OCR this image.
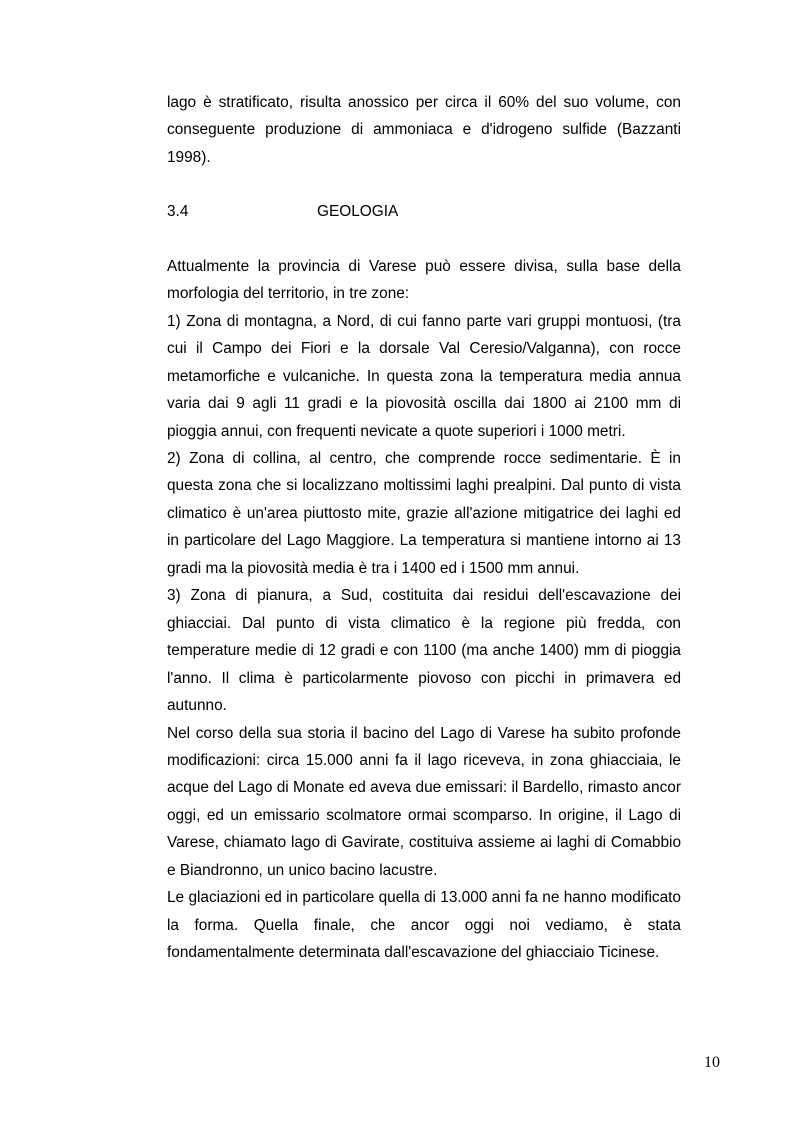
lago è stratificato, risulta anossico per circa il 60% del suo volume, con conseguente produzione di ammoniaca e d'idrogeno sulfide (Bazzanti 1998).

3.4	GEOLOGIA

Attualmente la provincia di Varese può essere divisa, sulla base della morfologia del territorio, in tre zone:

1) Zona di montagna, a Nord, di cui fanno parte vari gruppi montuosi, (tra cui il Campo dei Fiori e la dorsale Val Ceresio/Valganna), con rocce metamorfiche e vulcaniche. In questa zona la temperatura media annua varia dai 9 agli 11 gradi e la piovosità oscilla dai 1800 ai 2100 mm di pioggia annui, con frequenti nevicate a quote superiori i 1000 metri.

2) Zona di collina, al centro, che comprende rocce sedimentarie. È in questa zona che si localizzano moltissimi laghi prealpini. Dal punto di vista climatico è un'area piuttosto mite, grazie all'azione mitigatrice dei laghi ed in particolare del Lago Maggiore. La temperatura si mantiene intorno ai 13 gradi ma la piovosità media è tra i 1400 ed i 1500 mm annui.

3) Zona di pianura, a Sud, costituita dai residui dell'escavazione dei ghiacciai. Dal punto di vista climatico è la regione più fredda, con temperature medie di 12 gradi e con 1100 (ma anche 1400) mm di pioggia l'anno. Il clima è particolarmente piovoso con picchi in primavera ed autunno.

Nel corso della sua storia il bacino del Lago di Varese ha subito profonde modificazioni: circa 15.000 anni fa il lago riceveva, in zona ghiacciaia, le acque del Lago di Monate ed aveva due emissari: il Bardello, rimasto ancor oggi, ed un emissario scolmatore ormai scomparso. In origine, il Lago di Varese, chiamato lago di Gavirate, costituiva assieme ai laghi di Comabbio e Biandronno, un unico bacino lacustre.

Le glaciazioni ed in particolare quella di 13.000 anni fa ne hanno modificato la forma. Quella finale, che ancor oggi noi vediamo, è stata fondamentalmente determinata dall'escavazione del ghiacciaio Ticinese.

10
